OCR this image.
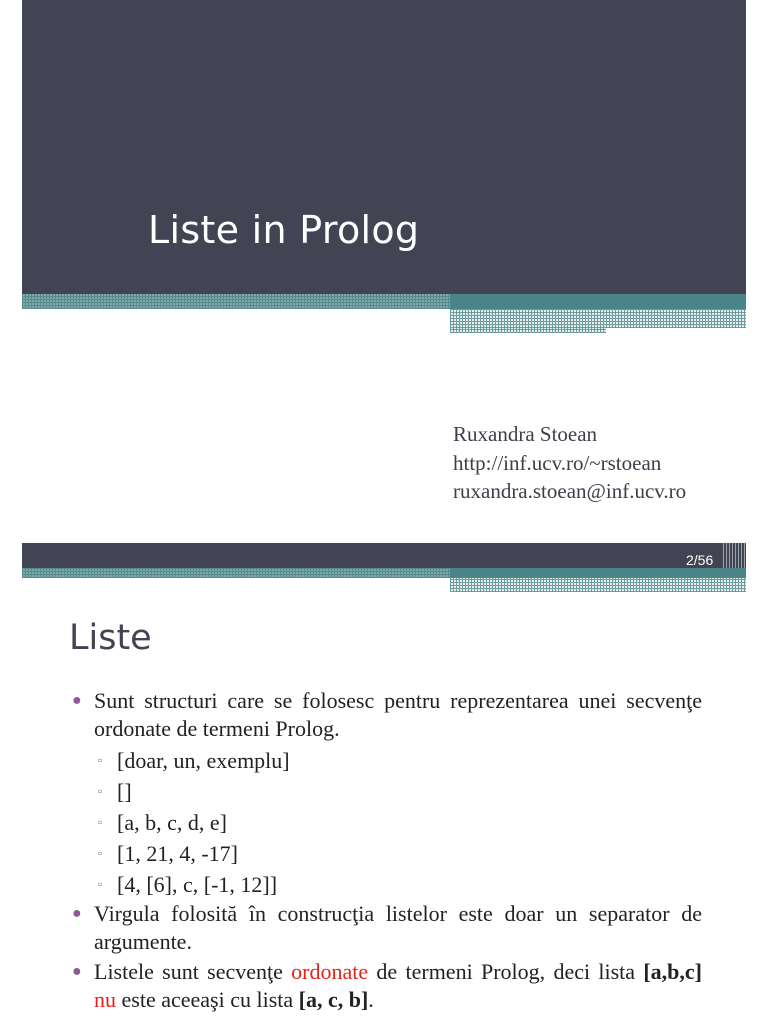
Liste in Prolog
Ruxandra Stoean
http://inf.ucv.ro/~rstoean
ruxandra.stoean@inf.ucv.ro
2/56
Liste
● Sunt structuri care se folosesc pentru reprezentarea unei secvenţe ordonate de termeni Prolog.

▫ [doar, un, exemplu]
▫ []
▫ [a, b, c, d, e]
▫ [1, 21, 4, -17]
▫ [4, [6], c, [-1, 12]]
● Virgula folosită în construcţia listelor este doar un separator de argumente.

● Listele sunt secvenţe ordonate de termeni Prolog, deci lista [a,b,c] nu este aceeaşi cu lista [a, c, b].
